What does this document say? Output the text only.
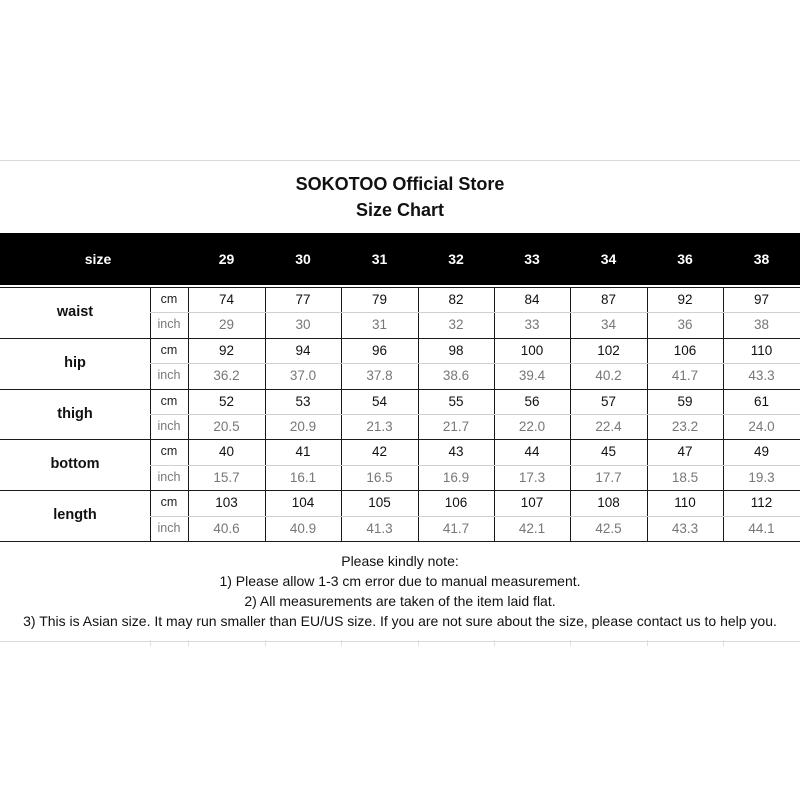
SOKOTOO Official Store
Size Chart
size	29	30	31	32	33	34	36	38
waist
cm	74	77	79	82	84	87	92	97
inch	29	30	31	32	33	34	36	38
hip
cm	92	94	96	98	100	102	106	110
inch	36.2	37.0	37.8	38.6	39.4	40.2	41.7	43.3
thigh
cm	52	53	54	55	56	57	59	61
inch	20.5	20.9	21.3	21.7	22.0	22.4	23.2	24.0
bottom
cm	40	41	42	43	44	45	47	49
inch	15.7	16.1	16.5	16.9	17.3	17.7	18.5	19.3
length
cm	103	104	105	106	107	108	110	112
inch	40.6	40.9	41.3	41.7	42.1	42.5	43.3	44.1
Please kindly note:
1) Please allow 1-3 cm error due to manual measurement.
2) All measurements are taken of the item laid flat.
3) This is Asian size. It may run smaller than EU/US size. If you are not sure about the size, please contact us to help you.
